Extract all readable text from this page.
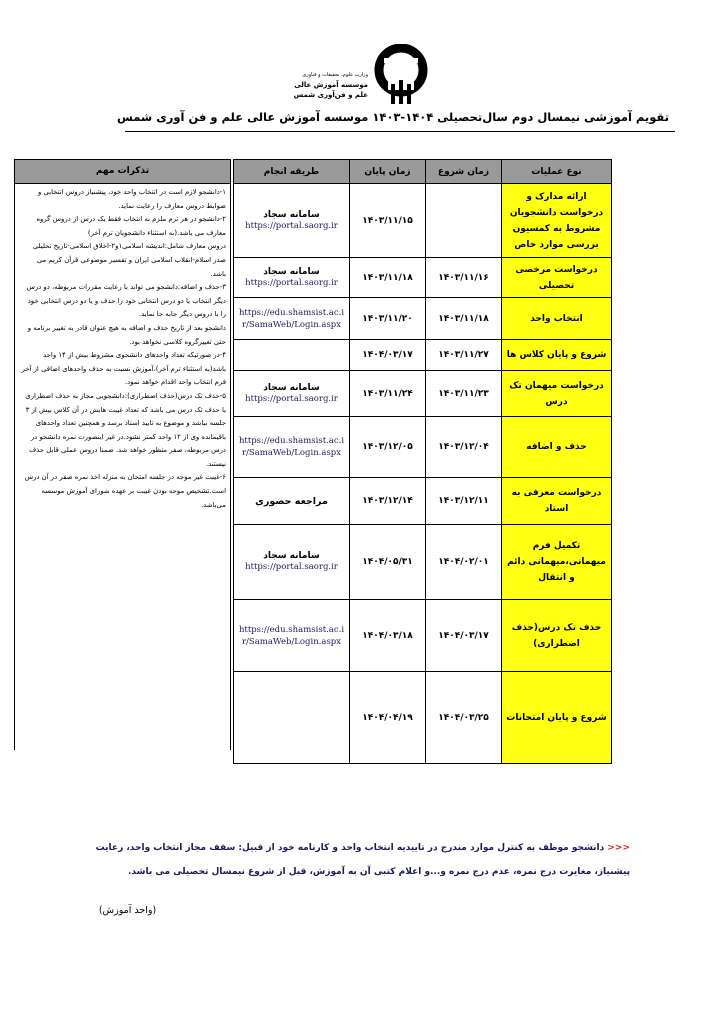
وزارت علوم، تحقیقات و فناوری
موسسه آموزش عالی
علم و فن‌آوری شمس
تقویم آموزشی نیمسال دوم سال‌تحصیلی ۱۴۰۴-۱۴۰۳ موسسه آموزش عالی علم و فن آوری شمس
نوع عملیات	زمان شروع	زمان پایان	طریقه انجام
ارائه مدارک و درخواست دانشجویان مشروط به کمسیون بررسی موارد خاص		۱۴۰۳/۱۱/۱۵	سامانه سجاد
https://portal.saorg.ir

درخواست مرخصی تحصیلی	۱۴۰۳/۱۱/۱۶	۱۴۰۳/۱۱/۱۸	سامانه سجاد
https://portal.saorg.ir

انتخاب واحد	۱۴۰۳/۱۱/۱۸	۱۴۰۳/۱۱/۲۰	https://edu.shamsist.ac.ir/SamaWeb/Login.aspx

شروع و پایان کلاس ها	۱۴۰۳/۱۱/۲۷	۱۴۰۴/۰۳/۱۷	
درخواست میهمان تک درس	۱۴۰۳/۱۱/۲۳	۱۴۰۳/۱۱/۲۴	سامانه سجاد
https://portal.saorg.ir

حذف و اضافه	۱۴۰۳/۱۲/۰۴	۱۴۰۳/۱۲/۰۵	https://edu.shamsist.ac.ir/SamaWeb/Login.aspx

درخواست معرفی به استاد	۱۴۰۳/۱۲/۱۱	۱۴۰۳/۱۲/۱۴	مراجعه حضوری
تکمیل فرم میهمانی،میهمانی دائم و انتقال	۱۴۰۴/۰۲/۰۱	۱۴۰۴/۰۵/۳۱	سامانه سجاد
https://portal.saorg.ir

حذف تک درس(حذف اضطراری)	۱۴۰۴/۰۳/۱۷	۱۴۰۴/۰۳/۱۸	https://edu.shamsist.ac.ir/SamaWeb/Login.aspx

شروع و پایان امتحانات	۱۴۰۴/۰۳/۲۵	۱۴۰۴/۰۴/۱۹	
تذکرات مهم

۱-دانشجو لازم است در انتخاب واحد خود، پیشنیاز دروس انتخابی و ضوابط دروس معارف را رعایت نماید.

۲-دانشجو در هر ترم ملزم به انتخاب فقط یک درس از دروس گروه معارف می باشد.(به استثناء دانشجویان ترم آخر)

دروس معارف شامل:اندیشه اسلامی۱و۲-اخلاق اسلامی-تاریخ تحلیلی صدر اسلام-انقلاب اسلامی ایران و تفسیر موضوعی قرآن کریم می باشد.

۳-حذف و اضافه:دانشجو می تواند با رعایت مقررات مربوطه، دو درس دیگر انتخاب یا دو درس انتخابی خود را حذف و یا دو درس انتخابی خود را با دروس دیگر جابه جا نماید.

دانشجو بعد از تاریخ حذف و اضافه به هیچ عنوان قادر به تغییر برنامه و حتی تغییرگروه کلاسی نخواهد بود.

۴-در صورتیکه تعداد واحدهای دانشجوی مشروط بیش از ۱۴ واحد باشد(به استثناء ترم آخر)،آموزش نسبت به حذف واحدهای اضافی از آخر فرم انتخاب واحد اقدام خواهد نمود.

۵-حذف تک درس(حذف اضطراری):دانشجویی مجاز به حذف اضطراری یا حذف تک درس می باشد که تعداد غیبت هایش در آن کلاس بیش از ۳ جلسه نباشد و موضوع به تایید استاد برسد و همچنین تعداد واحدهای باقیمانده وی از ۱۲ واحد کمتر نشود.در غیر اینصورت نمره دانشجو در درس مربوطه، صفر منظور خواهد شد. ضمنا دروس عملی قابل حذف نیستند.

۶-غیبت غیر موجه در جلسه امتحان به منزله اخذ نمره صفر در آن درس است.تشخیص موجه بودن غیبت بر عهده شورای آموزش موسسه می‌باشد.

<<< دانشجو موظف به کنترل موارد مندرج در تاییدیه انتخاب واحد و کارنامه خود از قبیل: سقف مجاز انتخاب واحد، رعایت پیشنیاز، مغایرت درج نمره، عدم درج نمره و...و اعلام کتبی آن به آموزش، قبل از شروع نیمسال تحصیلی می باشد.
(واحد آموزش)
